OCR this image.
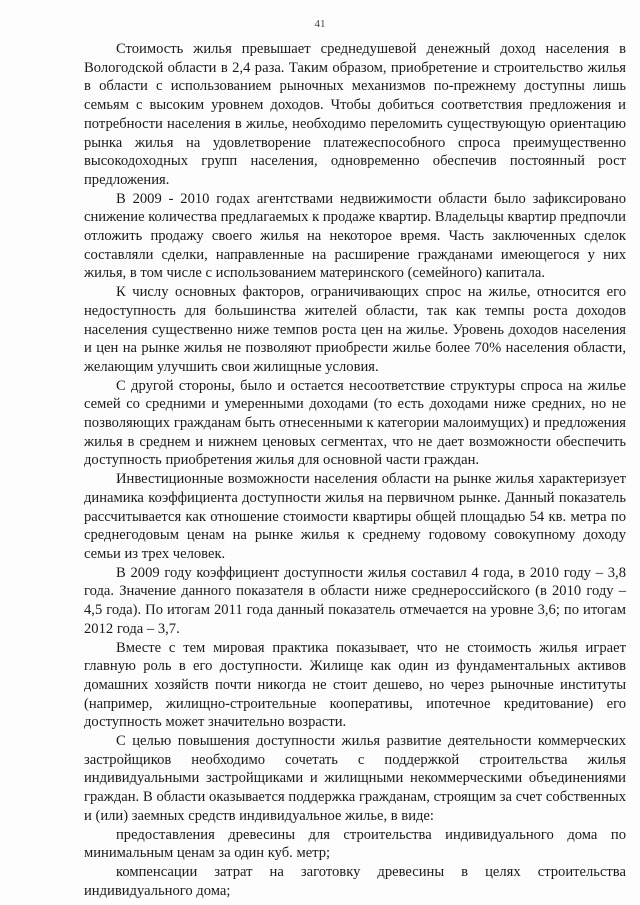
41

Стоимость жилья превышает среднедушевой денежный доход населения в Вологодской области в 2,4 раза. Таким образом, приобретение и строительство жилья в области с использованием рыночных механизмов по-прежнему доступны лишь семьям с высоким уровнем доходов. Чтобы добиться соответствия предложения и потребности населения в жилье, необходимо переломить существующую ориентацию рынка жилья на удовлетворение платежеспособного спроса преимущественно высокодоходных групп населения, одновременно обеспечив постоянный рост предложения.

В 2009 - 2010 годах агентствами недвижимости области было зафиксировано снижение количества предлагаемых к продаже квартир. Владельцы квартир предпочли отложить продажу своего жилья на некоторое время. Часть заключенных сделок составляли сделки, направленные на расширение гражданами имеющегося у них жилья, в том числе с использованием материнского (семейного) капитала.

К числу основных факторов, ограничивающих спрос на жилье, относится его недоступность для большинства жителей области, так как темпы роста доходов населения существенно ниже темпов роста цен на жилье. Уровень доходов населения и цен на рынке жилья не позволяют приобрести жилье более 70% населения области, желающим улучшить свои жилищные условия.

С другой стороны, было и остается несоответствие структуры спроса на жилье семей со средними и умеренными доходами (то есть доходами ниже средних, но не позволяющих гражданам быть отнесенными к категории малоимущих) и предложения жилья в среднем и нижнем ценовых сегментах, что не дает возможности обеспечить доступность приобретения жилья для основной части граждан.

Инвестиционные возможности населения области на рынке жилья характеризует динамика коэффициента доступности жилья на первичном рынке. Данный показатель рассчитывается как отношение стоимости квартиры общей площадью 54 кв. метра по среднегодовым ценам на рынке жилья к среднему годовому совокупному доходу семьи из трех человек.

В 2009 году коэффициент доступности жилья составил 4 года, в 2010 году – 3,8 года. Значение данного показателя в области ниже среднероссийского (в 2010 году – 4,5 года). По итогам 2011 года данный показатель отмечается на уровне 3,6; по итогам 2012 года – 3,7.

Вместе с тем мировая практика показывает, что не стоимость жилья играет главную роль в его доступности. Жилище как один из фундаментальных активов домашних хозяйств почти никогда не стоит дешево, но через рыночные институты (например, жилищно-строительные кооперативы, ипотечное кредитование) его доступность может значительно возрасти.

С целью повышения доступности жилья развитие деятельности коммерческих застройщиков необходимо сочетать с поддержкой строительства жилья индивидуальными застройщиками и жилищными некоммерческими объединениями граждан. В области оказывается поддержка гражданам, строящим за счет собственных и (или) заемных средств индивидуальное жилье, в виде:

предоставления древесины для строительства индивидуального дома по минимальным ценам за один куб. метр;

компенсации затрат на заготовку древесины в целях строительства индивидуального дома;
